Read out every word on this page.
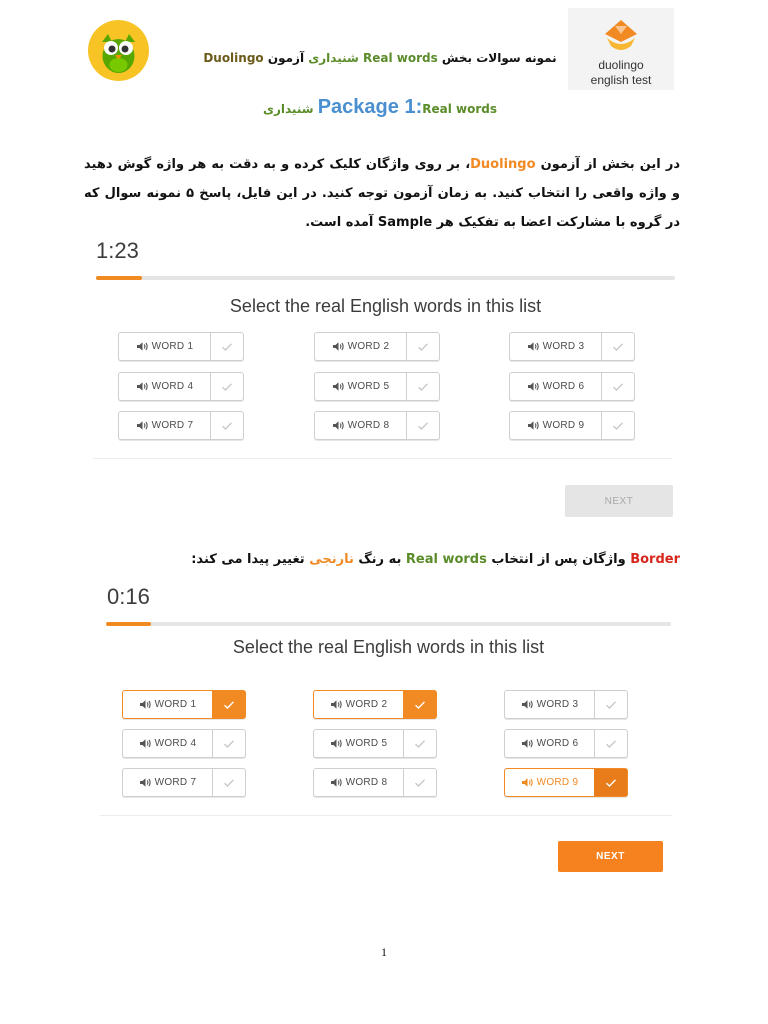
duolingo
english test
نمونه سوالات بخش Real words شنیداری آزمون Duolingo
Package 1:Real words شنیداری
در این بخش از آزمون Duolingo، بر روی واژگان کلیک کرده و به دقت به هر واژه گوش دهید و واژه واقعی را انتخاب کنید. به زمان آزمون توجه کنید. در این فایل، پاسخ ۵ نمونه سوال که در گروه با مشارکت اعضا به تفکیک هر Sample آمده است.
1:23
Select the real English words in this list
WORD 1	WORD 2	WORD 3
WORD 4	WORD 5	WORD 6
WORD 7	WORD 8	WORD 9
NEXT
Border واژگان پس از انتخاب Real words به رنگ نارنجی تغییر پیدا می کند:
0:16
Select the real English words in this list
WORD 1	WORD 2	WORD 3
WORD 4	WORD 5	WORD 6
WORD 7	WORD 8	WORD 9
NEXT
1
